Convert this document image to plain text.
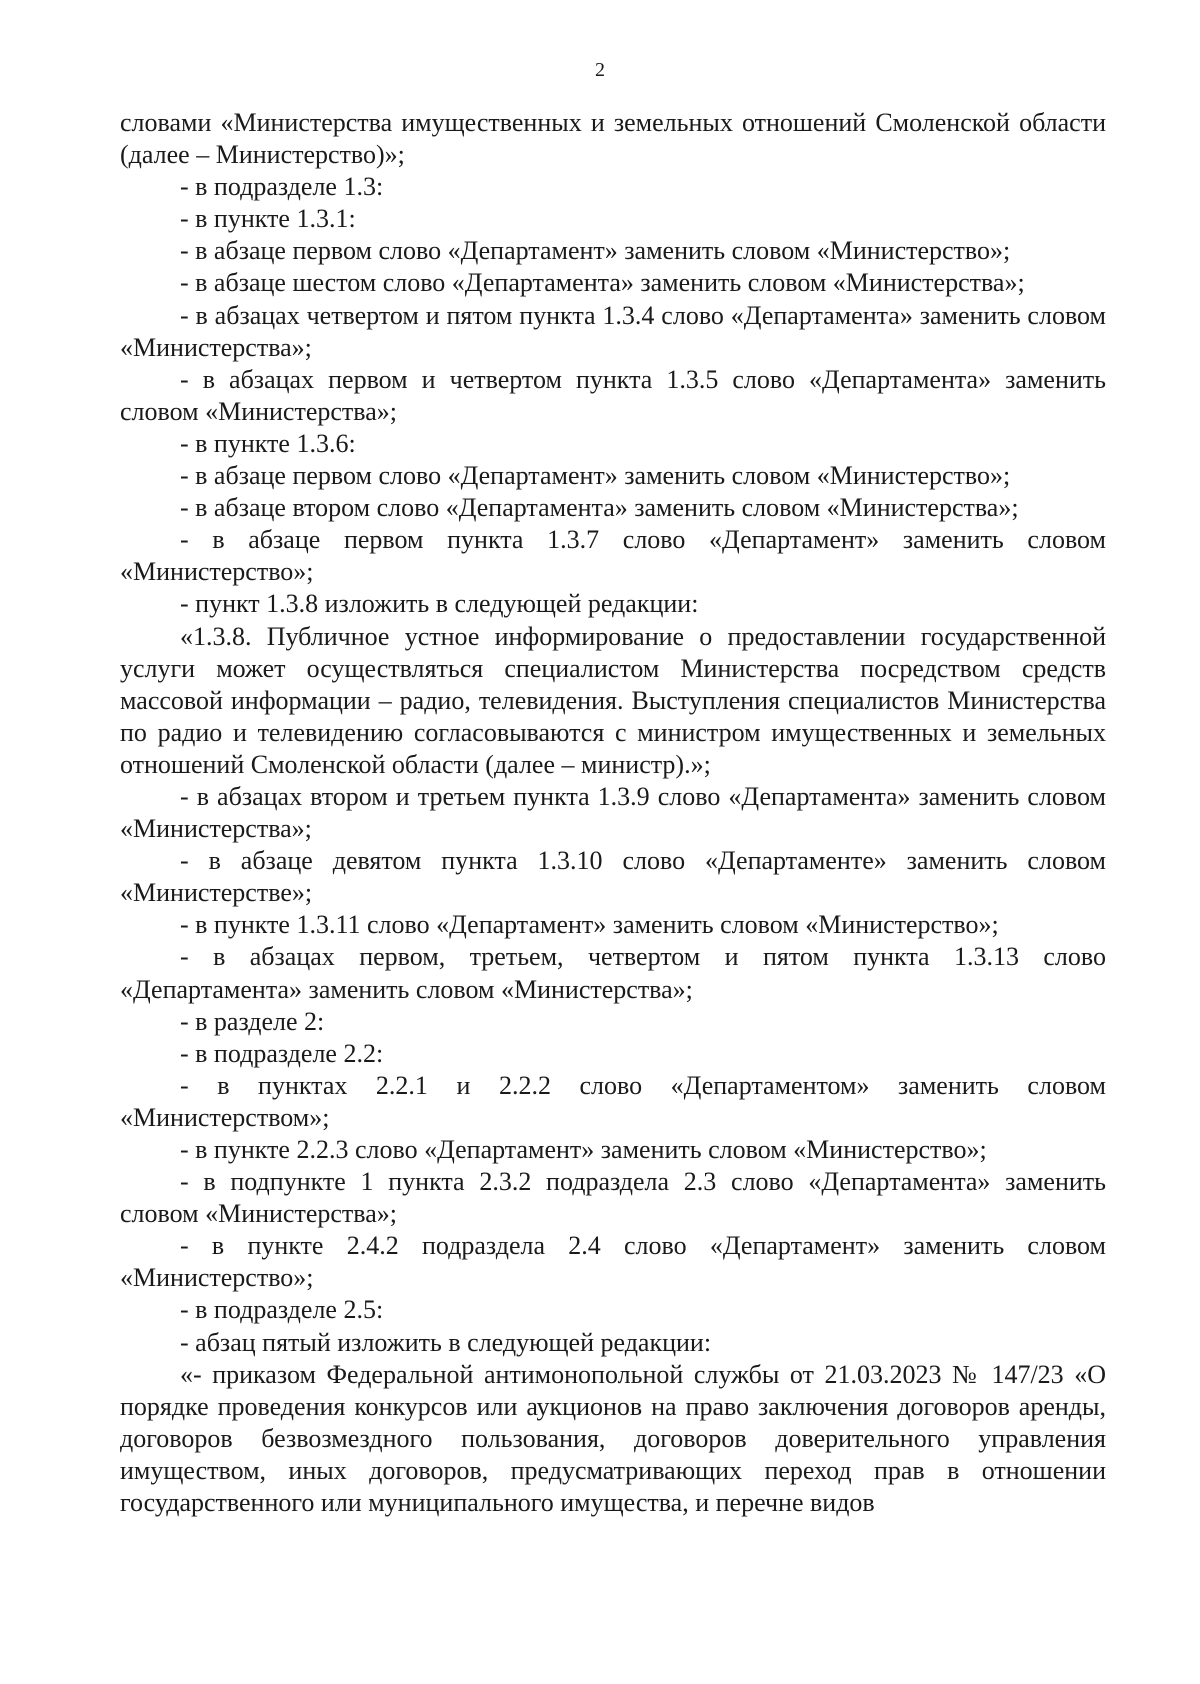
2

словами «Министерства имущественных и земельных отношений Смоленской области (далее – Министерство)»;

- в подразделе 1.3:

- в пункте 1.3.1:

- в абзаце первом слово «Департамент» заменить словом «Министерство»;

- в абзаце шестом слово «Департамента» заменить словом «Министерства»;

- в абзацах четвертом и пятом пункта 1.3.4 слово «Департамента» заменить словом «Министерства»;

- в абзацах первом и четвертом пункта 1.3.5 слово «Департамента» заменить словом «Министерства»;

- в пункте 1.3.6:

- в абзаце первом слово «Департамент» заменить словом «Министерство»;

- в абзаце втором слово «Департамента» заменить словом «Министерства»;

- в абзаце первом пункта 1.3.7 слово «Департамент» заменить словом «Министерство»;

- пункт 1.3.8 изложить в следующей редакции:

«1.3.8. Публичное устное информирование о предоставлении государственной услуги может осуществляться специалистом Министерства посредством средств массовой информации – радио, телевидения. Выступления специалистов Министерства по радио и телевидению согласовываются с министром имущественных и земельных отношений Смоленской области (далее – министр).»;

- в абзацах втором и третьем пункта 1.3.9 слово «Департамента» заменить словом «Министерства»;

- в абзаце девятом пункта 1.3.10 слово «Департаменте» заменить словом «Министерстве»;

- в пункте 1.3.11 слово «Департамент» заменить словом «Министерство»;

- в абзацах первом, третьем, четвертом и пятом пункта 1.3.13 слово «Департамента» заменить словом «Министерства»;

- в разделе 2:

- в подразделе 2.2:

- в пунктах 2.2.1 и 2.2.2 слово «Департаментом» заменить словом «Министерством»;

- в пункте 2.2.3 слово «Департамент» заменить словом «Министерство»;

- в подпункте 1 пункта 2.3.2 подраздела 2.3 слово «Департамента» заменить словом «Министерства»;

- в пункте 2.4.2 подраздела 2.4 слово «Департамент» заменить словом «Министерство»;

- в подразделе 2.5:

- абзац пятый изложить в следующей редакции:

«- приказом Федеральной антимонопольной службы от 21.03.2023 № 147/23 «О порядке проведения конкурсов или аукционов на право заключения договоров аренды, договоров безвозмездного пользования, договоров доверительного управления имуществом, иных договоров, предусматривающих переход прав в отношении государственного или муниципального имущества, и перечне видов
